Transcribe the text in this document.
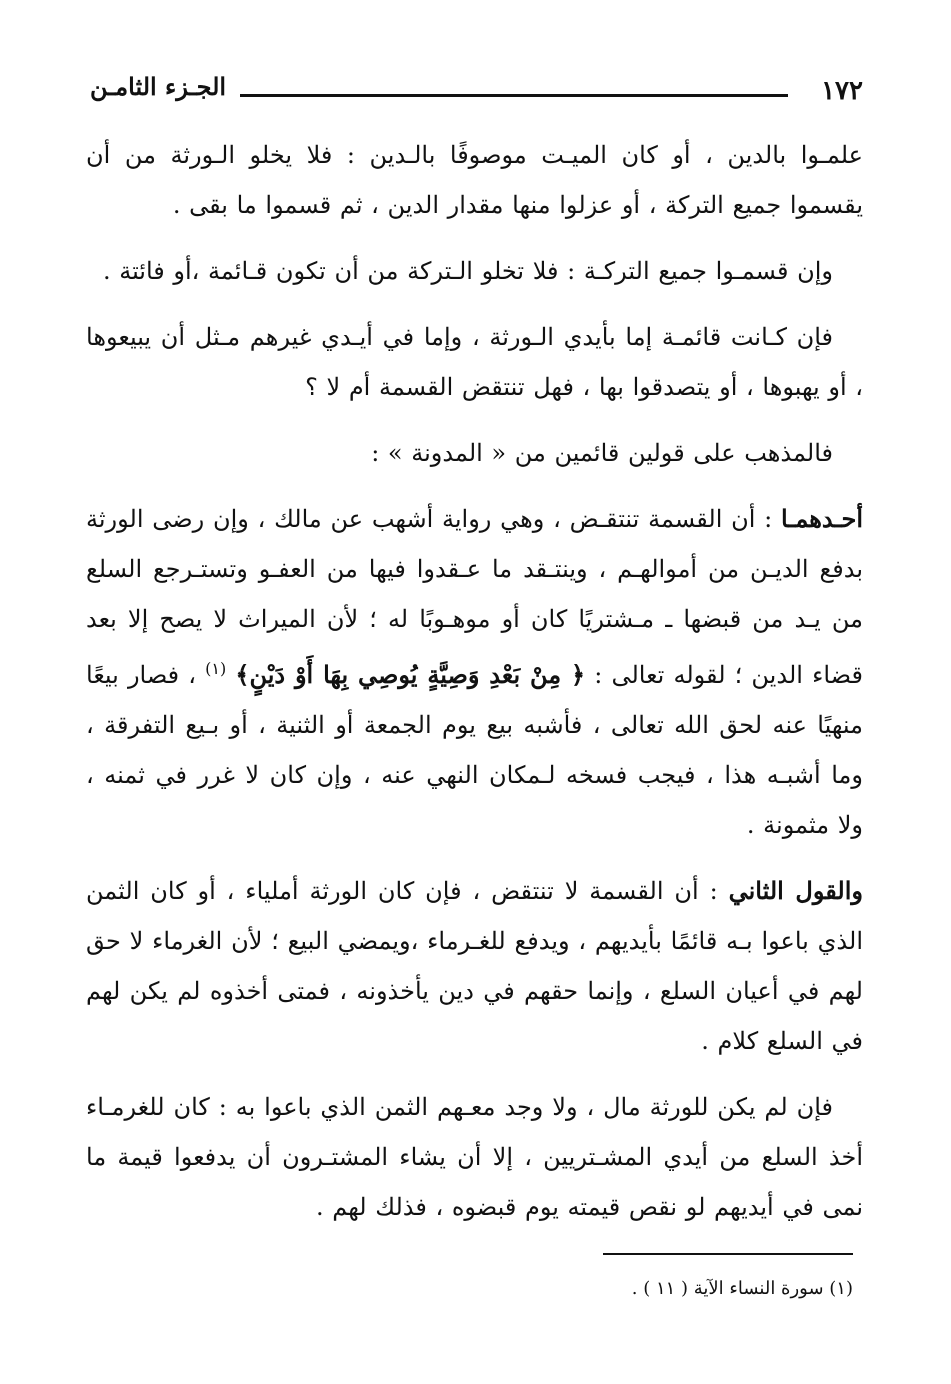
١٧٢
الجـزء الثامـن

علمـوا بالدين ، أو كان الميـت موصوفًا بالـدين : فلا يخلو الـورثة من أن يقسموا جميع التركة ، أو عزلوا منها مقدار الدين ، ثم قسموا ما بقى .

وإن قسمـوا جميع التركـة : فلا تخلو الـتركة من أن تكون قـائمة ،أو فائتة .

فإن كـانت قائمـة إما بأيدي الـورثة ، وإما في أيـدي غيرهم مـثل أن يبيعوها ، أو يهبوها ، أو يتصدقوا بها ، فهل تنتقض القسمة أم لا ؟

فالمذهب على قولين قائمين من « المدونة » :

أحـدهمـا : أن القسمة تنتقـض ، وهي رواية أشهب عن مالك ، وإن رضى الورثة بدفع الديـن من أموالهـم ، وينتـقد ما عـقدوا فيها من العفـو وتستـرجع السلع من يـد من قبضها ـ مـشتريًا كان أو موهـوبًا له ؛ لأن الميراث لا يصح إلا بعد قضاء الدين ؛ لقوله تعالى : ﴿ مِنْ بَعْدِ وَصِيَّةٍ يُوصِي بِهَا أَوْ دَيْنٍ﴾ $^{(١)}$ ، فصار بيعًا منهيًا عنه لحق الله تعالى ، فأشبه بيع يوم الجمعة أو الثنية ، أو بـيع التفرقة ، وما أشبـه هذا ، فيجب فسخه لـمكان النهي عنه ، وإن كان لا غرر في ثمنه ، ولا مثمونة .

والقول الثاني : أن القسمة لا تنتقض ، فإن كان الورثة أملياء ، أو كان الثمن الذي باعوا بـه قائمًا بأيديهم ، ويدفع للغـرماء ،ويمضي البيع ؛ لأن الغرماء لا حق لهم في أعيان السلع ، وإنما حقهم في دين يأخذونه ، فمتى أخذوه لم يكن لهم في السلع كلام .

فإن لم يكن للورثة مال ، ولا وجد معـهم الثمن الذي باعوا به : كان للغرمـاء أخذ السلع من أيدي المشـتريين ، إلا أن يشاء المشتـرون أن يدفعوا قيمة ما نمى في أيديهم لو نقص قيمته يوم قبضوه ، فذلك لهم .

(١) سورة النساء الآية ( ١١ ) .
